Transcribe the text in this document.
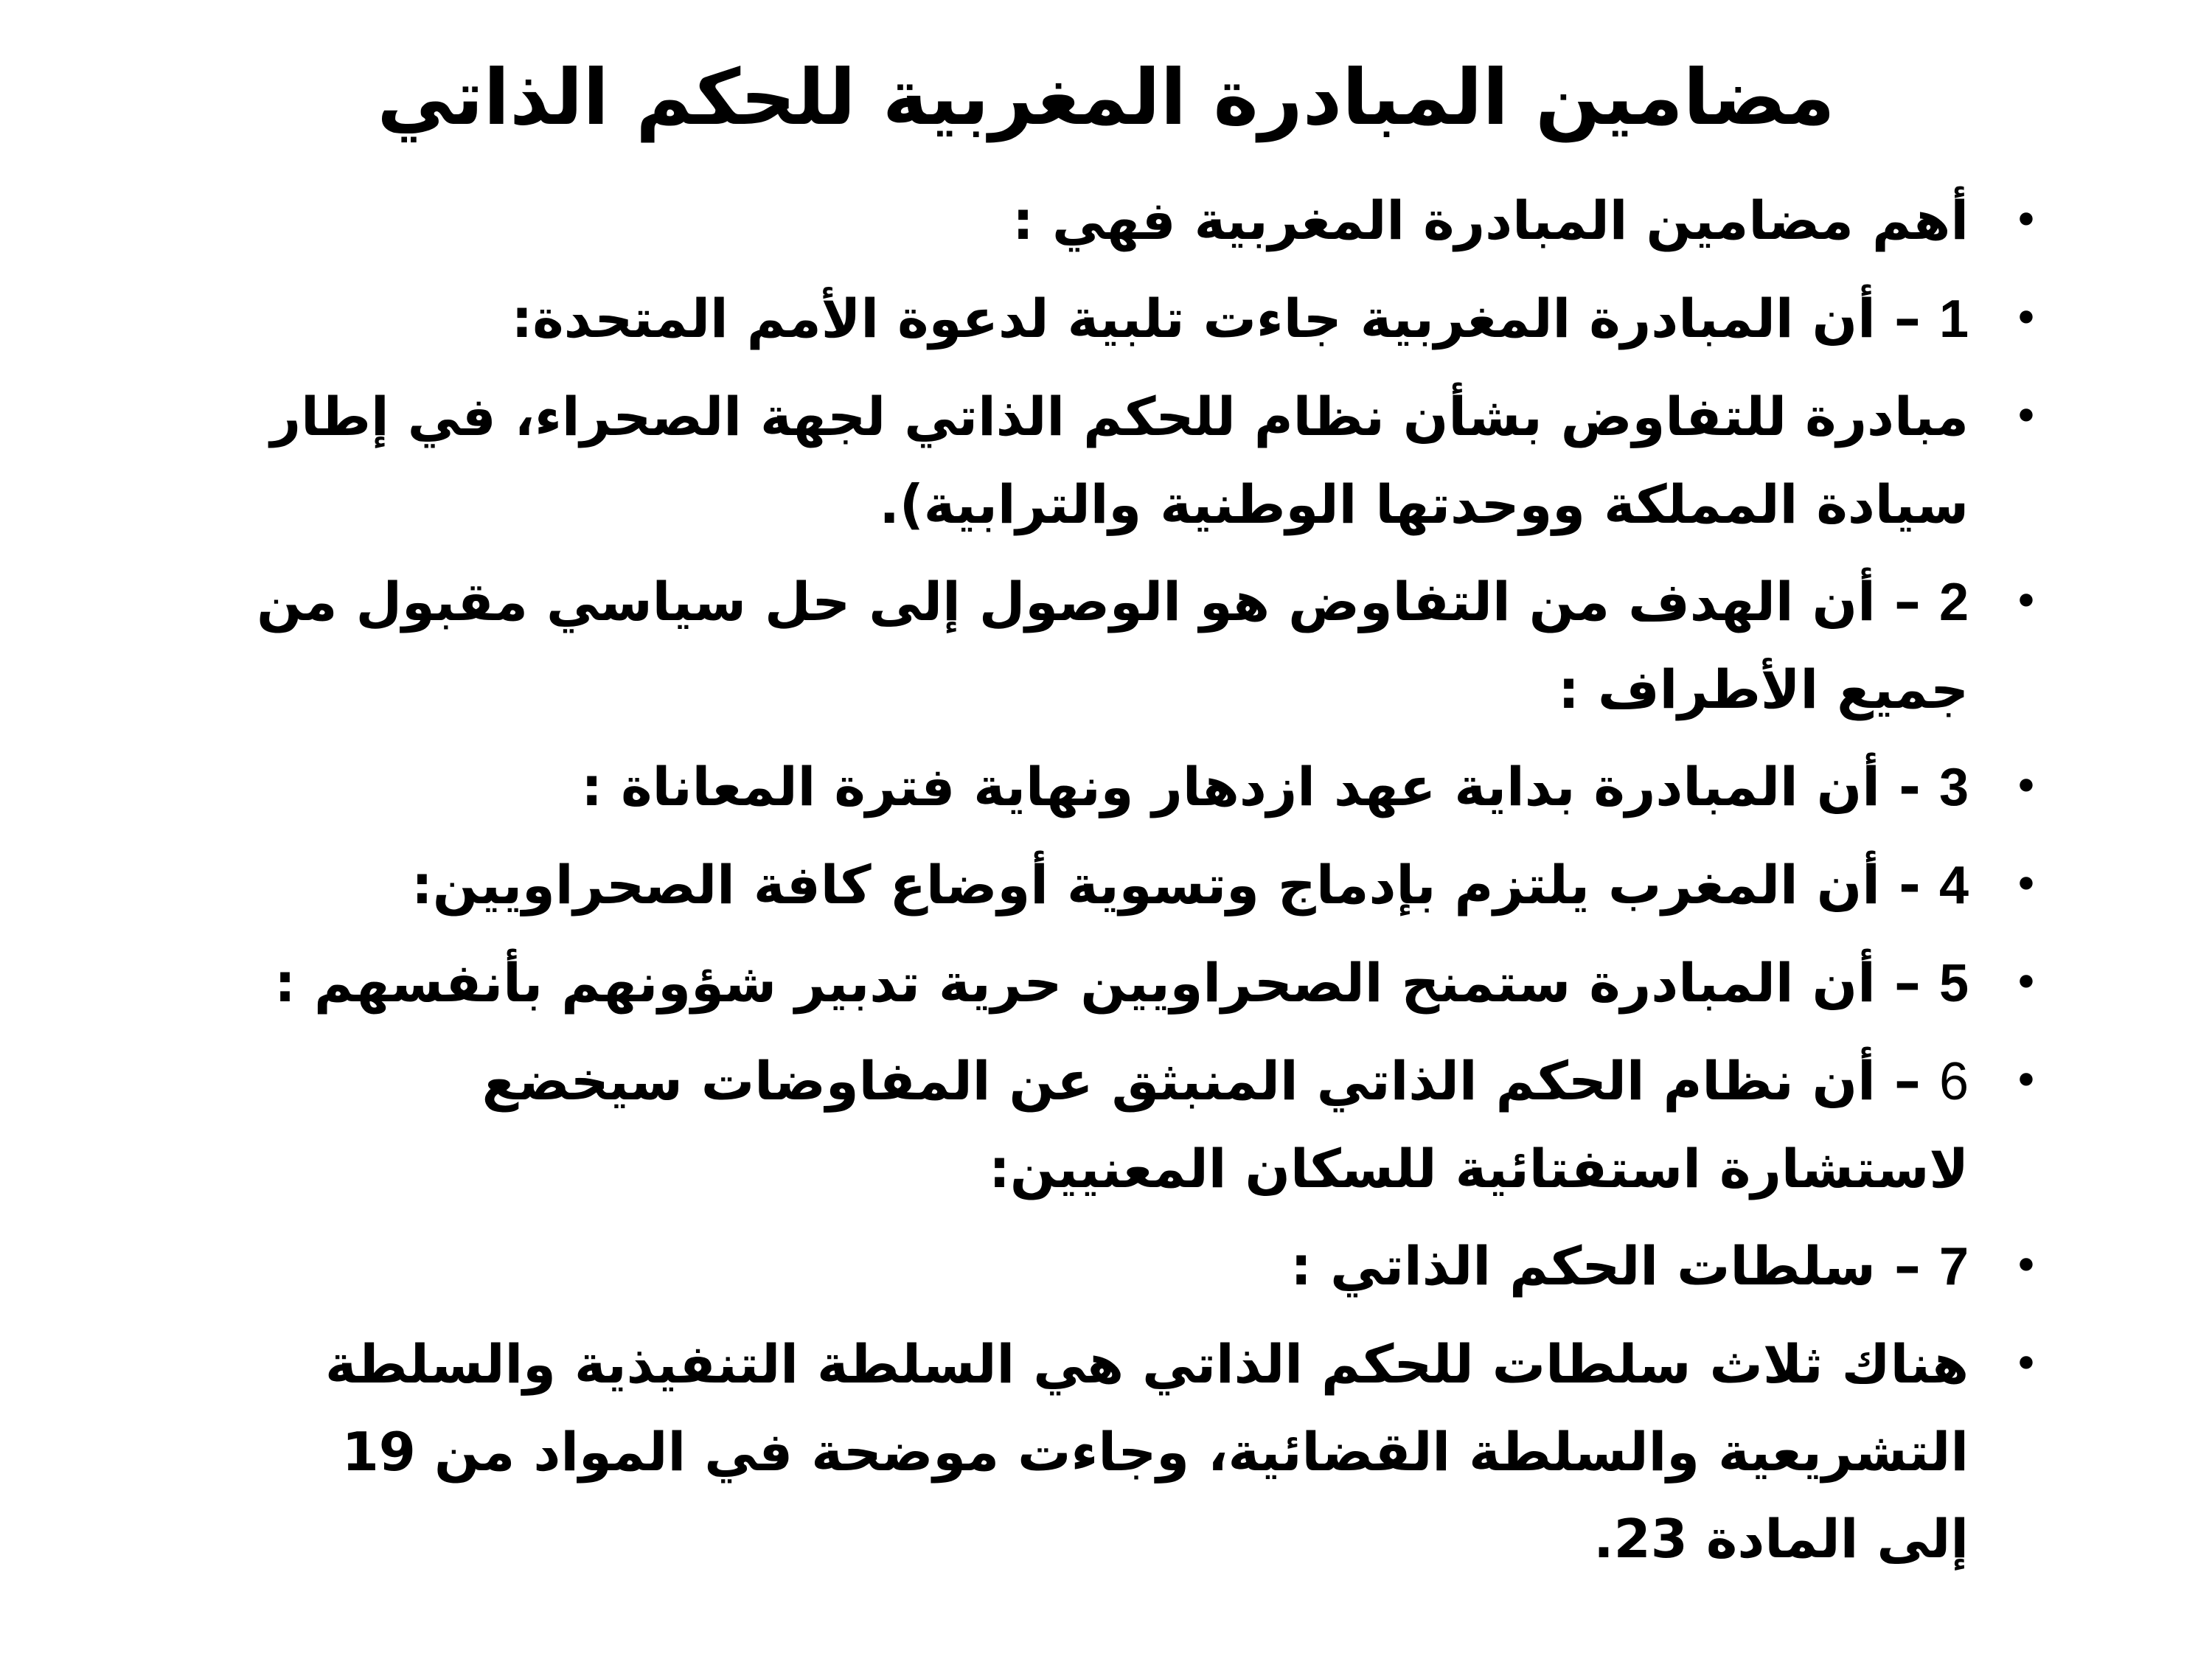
مضامين المبادرة المغربية للحكم الذاتي
•
أهم مضامين المبادرة المغربية فهي :
•
1 – أن المبادرة المغربية جاءت تلبية لدعوة الأمم المتحدة:
•
مبادرة للتفاوض بشأن نظام للحكم الذاتي لجهة الصحراء، في إطار سيادة المملكة ووحدتها الوطنية والترابية).
•
2 – أن الهدف من التفاوض هو الوصول إلى حل سياسي مقبول من جميع الأطراف :
•
3 - أن المبادرة بداية عهد ازدهار ونهاية فترة المعاناة :
•
4 - أن المغرب يلتزم بإدماج وتسوية أوضاع كافة الصحراويين:
•
5 – أن المبادرة ستمنح الصحراويين حرية تدبير شؤونهم بأنفسهم :
•
6 – أن نظام الحكم الذاتي المنبثق عن المفاوضات سيخضع لاستشارة استفتائية للسكان المعنيين:
•
7 – سلطات الحكم الذاتي :
•
هناك ثلاث سلطات للحكم الذاتي هي السلطة التنفيذية والسلطة التشريعية والسلطة القضائية، وجاءت موضحة في المواد من 19 إلى المادة 23.
